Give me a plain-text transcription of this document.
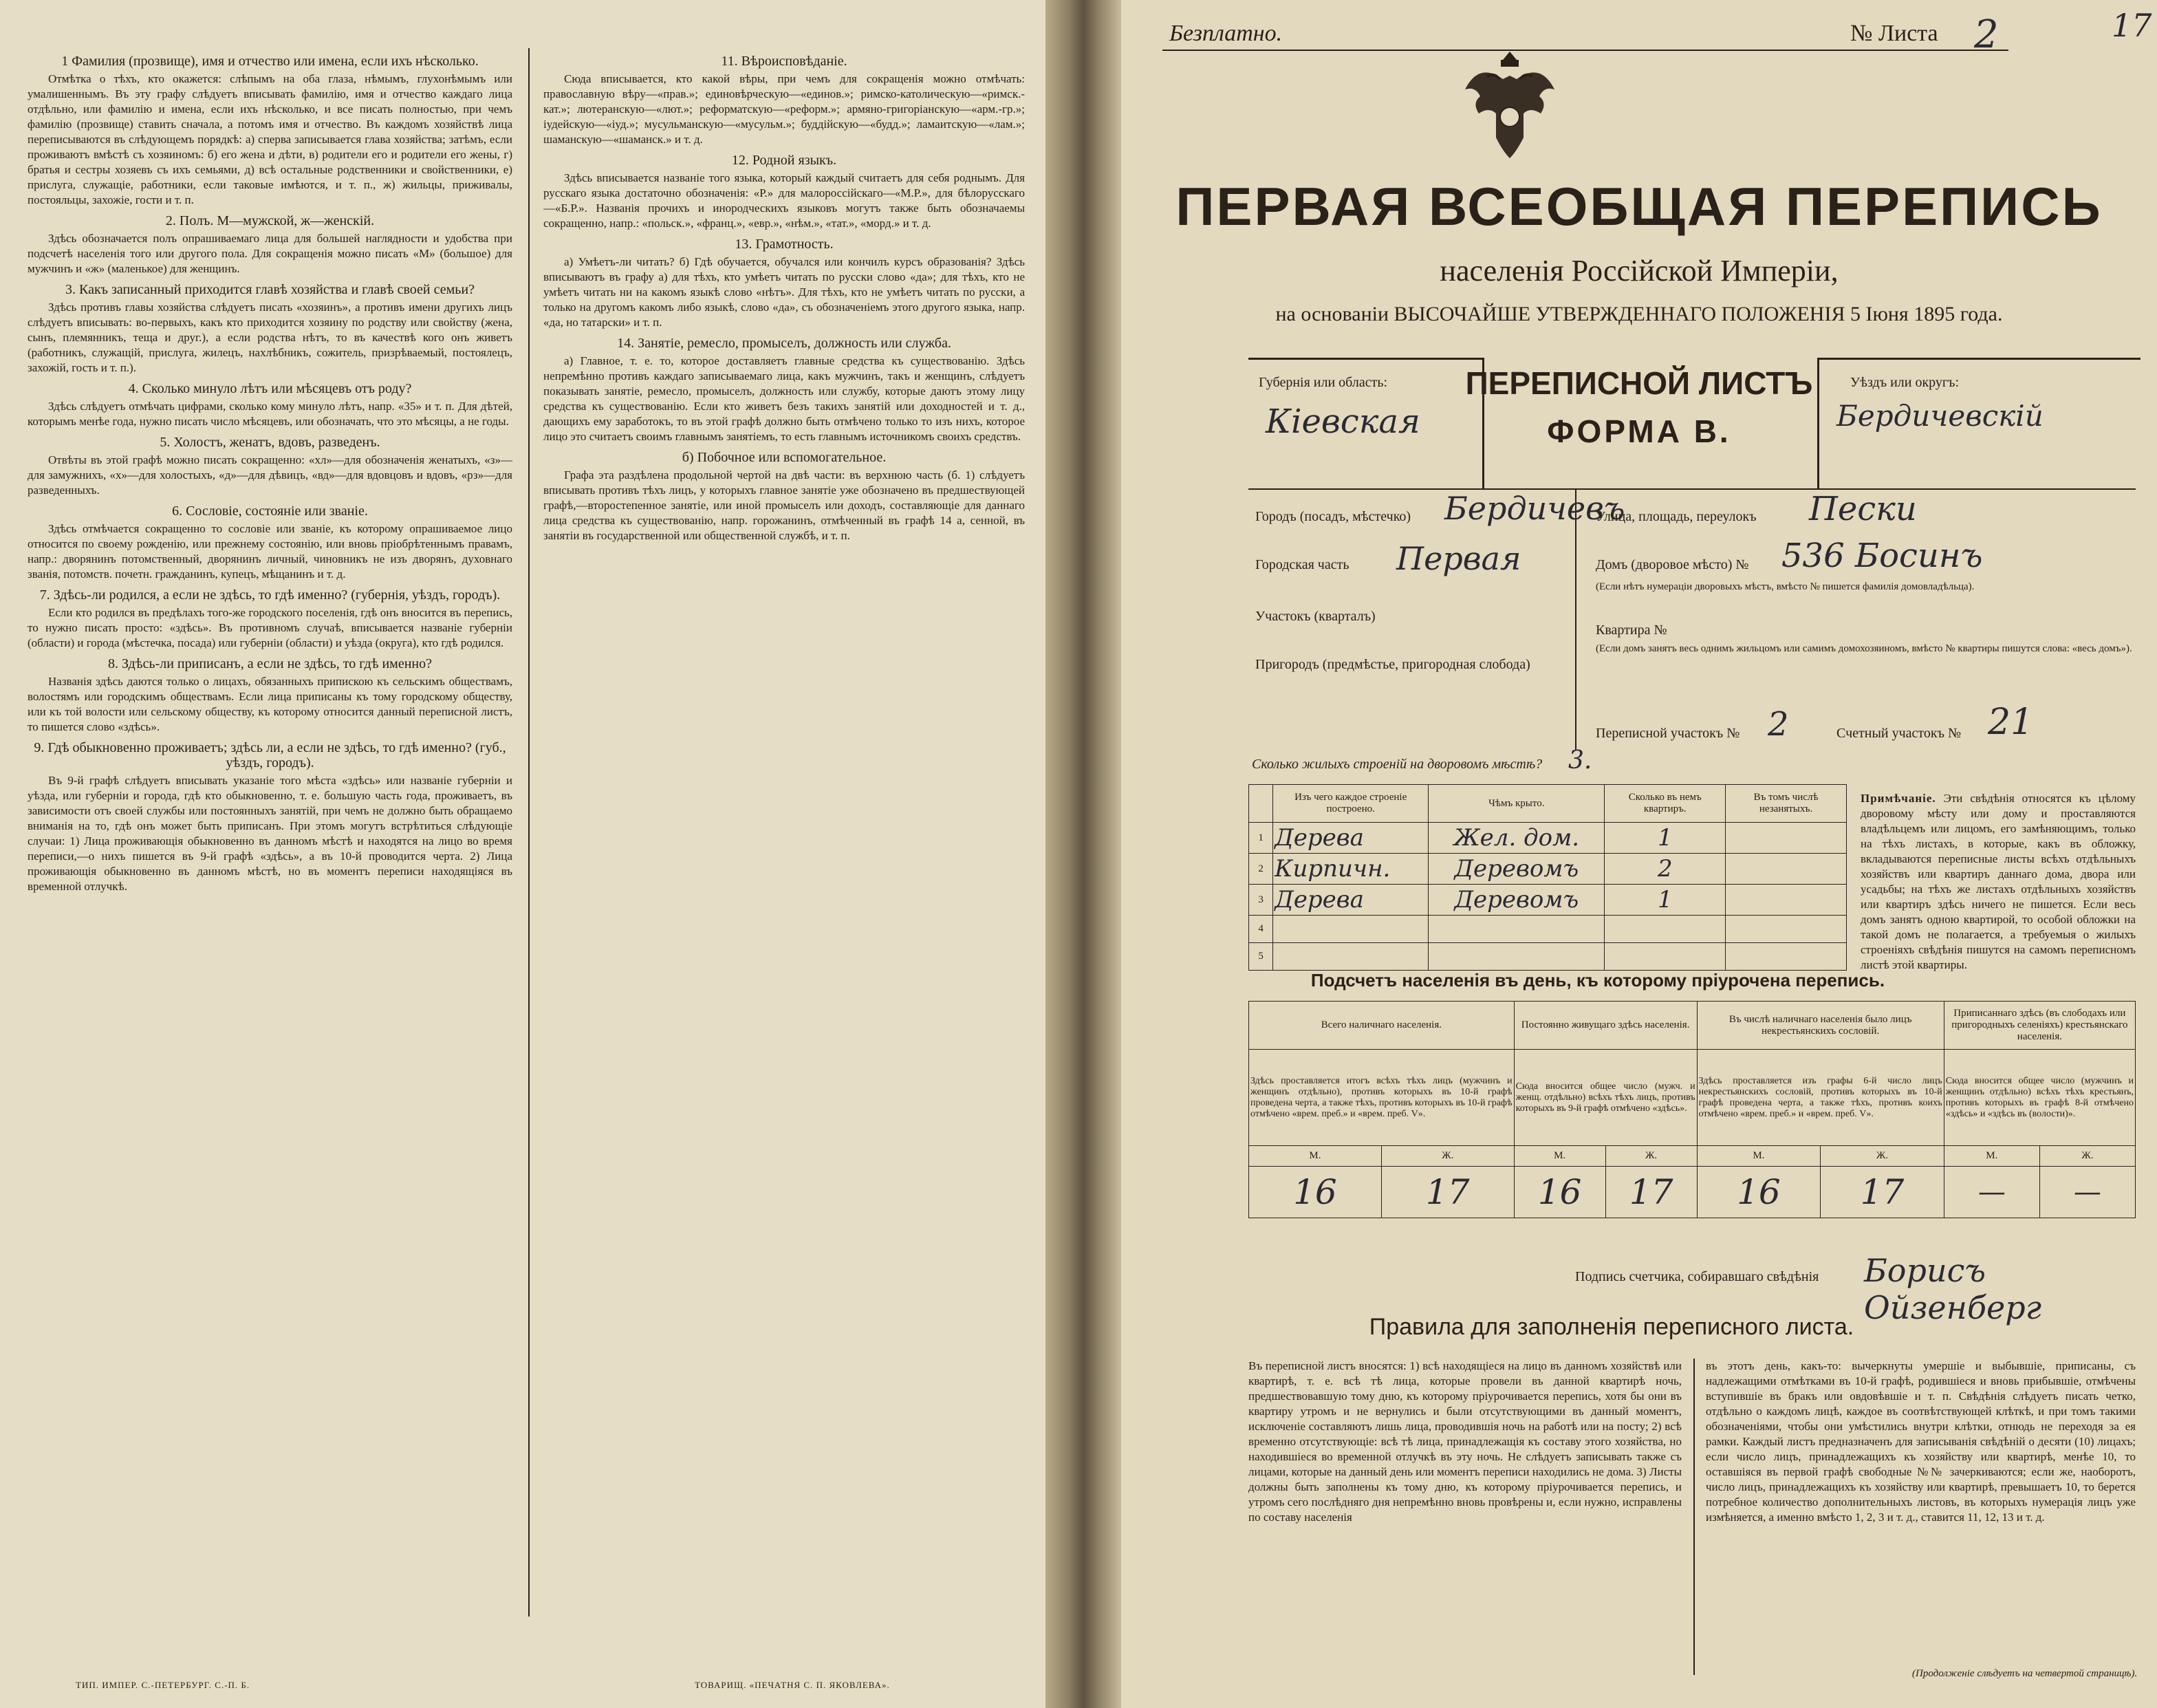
1 Фамилия (прозвище), имя и отчество или имена, если ихъ нѣсколько.

Отмѣтка о тѣхъ, кто окажется: слѣпымъ на оба глаза, нѣмымъ, глухонѣмымъ или умалишеннымъ. Въ эту графу слѣдуетъ вписывать фамилію, имя и отчество каждаго лица отдѣльно, или фамилію и имена, если ихъ нѣсколько, и все писать полностью, при чемъ фамилію (прозвище) ставить сначала, а потомъ имя и отчество. Въ каждомъ хозяйствѣ лица переписываются въ слѣдующемъ порядкѣ: а) сперва записывается глава хозяйства; затѣмъ, если проживаютъ вмѣстѣ съ хозяиномъ: б) его жена и дѣти, в) родители его и родители его жены, г) братья и сестры хозяевъ съ ихъ семьями, д) всѣ остальные родственники и свойственники, е) прислуга, служащіе, работники, если таковые имѣются, и т. п., ж) жильцы, приживалы, постояльцы, захожіе, гости и т. п.

2. Полъ. М—мужской, ж—женскій.

Здѣсь обозначается полъ опрашиваемаго лица для большей наглядности и удобства при подсчетѣ населенія того или другого пола. Для сокращенія можно писать «М» (большое) для мужчинъ и «ж» (маленькое) для женщинъ.

3. Какъ записанный приходится главѣ хозяйства и главѣ своей семьи?

Здѣсь противъ главы хозяйства слѣдуетъ писать «хозяинъ», а противъ имени другихъ лицъ слѣдуетъ вписывать: во-первыхъ, какъ кто приходится хозяину по родству или свойству (жена, сынъ, племянникъ, теща и друг.), а если родства нѣтъ, то въ качествѣ кого онъ живетъ (работникъ, служащій, прислуга, жилецъ, нахлѣбникъ, сожитель, призрѣваемый, постоялецъ, захожій, гость и т. п.).

4. Сколько минуло лѣтъ или мѣсяцевъ отъ роду?

Здѣсь слѣдуетъ отмѣчать цифрами, сколько кому минуло лѣтъ, напр. «35» и т. п. Для дѣтей, которымъ менѣе года, нужно писать число мѣсяцевъ, или обозначать, что это мѣсяцы, а не годы.

5. Холостъ, женатъ, вдовъ, разведенъ.

Отвѣты въ этой графѣ можно писать сокращенно: «хл»—для обозначенія женатыхъ, «з»—для замужнихъ, «х»—для холостыхъ, «д»—для дѣвицъ, «вд»—для вдовцовъ и вдовъ, «рз»—для разведенныхъ.

6. Сословіе, состояніе или званіе.

Здѣсь отмѣчается сокращенно то сословіе или званіе, къ которому опрашиваемое лицо относится по своему рожденію, или прежнему состоянію, или вновь пріобрѣтеннымъ правамъ, напр.: дворянинъ потомственный, дворянинъ личный, чиновникъ не изъ дворянъ, духовнаго званія, потомств. почетн. гражданинъ, купецъ, мѣщанинъ и т. д.

7. Здѣсь-ли родился, а если не здѣсь, то гдѣ именно? (губернія, уѣздъ, городъ).

Если кто родился въ предѣлахъ того-же городского поселенія, гдѣ онъ вносится въ перепись, то нужно писать просто: «здѣсь». Въ противномъ случаѣ, вписывается названіе губерніи (области) и города (мѣстечка, посада) или губерніи (области) и уѣзда (округа), кто гдѣ родился.

8. Здѣсь-ли приписанъ, а если не здѣсь, то гдѣ именно?

Названія здѣсь даются только о лицахъ, обязанныхъ припискою къ сельскимъ обществамъ, волостямъ или городскимъ обществамъ. Если лица приписаны къ тому городскому обществу, или къ той волости или сельскому обществу, къ которому относится данный переписной листъ, то пишется слово «здѣсь».

9. Гдѣ обыкновенно проживаетъ; здѣсь ли, а если не здѣсь, то гдѣ именно? (губ., уѣздъ, городъ).

Въ 9-й графѣ слѣдуетъ вписывать указаніе того мѣста «здѣсь» или названіе губерніи и уѣзда, или губерніи и города, гдѣ кто обыкновенно, т. е. большую часть года, проживаетъ, въ зависимости отъ своей службы или постоянныхъ занятій, при чемъ не должно быть обращаемо вниманія на то, гдѣ онъ может быть приписанъ. При этомъ могутъ встрѣтиться слѣдующіе случаи: 1) Лица проживающія обыкновенно въ данномъ мѣстѣ и находятся на лицо во время переписи,—о нихъ пишется въ 9-й графѣ «здѣсь», а въ 10-й проводится черта. 2) Лица проживающія обыкновенно въ данномъ мѣстѣ, но въ моментъ переписи находящіяся въ временной отлучкѣ.

ТИП. ИМПЕР. С.-ПЕТЕРБУРГ. С.-П. Б.
11. Вѣроисповѣданіе.

Сюда вписывается, кто какой вѣры, при чемъ для сокращенія можно отмѣчать: православную вѣру—«прав.»; единовѣрческую—«единов.»; римско-католическую—«римск.-кат.»; лютеранскую—«лют.»; реформатскую—«реформ.»; армяно-григоріанскую—«арм.-гр.»; іудейскую—«іуд.»; мусульманскую—«мусульм.»; буддійскую—«будд.»; ламаитскую—«лам.»; шаманскую—«шаманск.» и т. д.

12. Родной языкъ.

Здѣсь вписывается названіе того языка, который каждый считаетъ для себя роднымъ. Для русскаго языка достаточно обозначенія: «Р.» для малороссійскаго—«М.Р.», для бѣлорусскаго—«Б.Р.». Названія прочихъ и инородческихъ языковъ могутъ также быть обозначаемы сокращенно, напр.: «польск.», «франц.», «евр.», «нѣм.», «тат.», «морд.» и т. д.

13. Грамотность.

а) Умѣетъ-ли читать? б) Гдѣ обучается, обучался или кончилъ курсъ образованія? Здѣсь вписываютъ въ графу а) для тѣхъ, кто умѣетъ читать по русски слово «да»; для тѣхъ, кто не умѣетъ читать ни на какомъ языкѣ слово «нѣтъ». Для тѣхъ, кто не умѣетъ читать по русски, а только на другомъ какомъ либо языкѣ, слово «да», съ обозначеніемъ этого другого языка, напр. «да, но татарски» и т. п.

14. Занятіе, ремесло, промыселъ, должность или служба.

а) Главное, т. е. то, которое доставляетъ главные средства къ существованію. Здѣсь непремѣнно противъ каждаго записываемаго лица, какъ мужчинъ, такъ и женщинъ, слѣдуетъ показывать занятіе, ремесло, промыселъ, должность или службу, которые даютъ этому лицу средства къ существованію. Если кто живетъ безъ такихъ занятій или доходностей и т. д., дающихъ ему заработокъ, то въ этой графѣ должно быть отмѣчено только то изъ нихъ, которое лицо это считаетъ своимъ главнымъ занятіемъ, то есть главнымъ источникомъ своихъ средствъ.

б) Побочное или вспомогательное.

Графа эта раздѣлена продольной чертой на двѣ части: въ верхнюю часть (б. 1) слѣдуетъ вписывать противъ тѣхъ лицъ, у которыхъ главное занятіе уже обозначено въ предшествующей графѣ,—второстепенное занятіе, или иной промыселъ или доходъ, составляющіе для даннаго лица средства къ существованію, напр. горожанинъ, отмѣченный въ графѣ 14 а, сенной, въ занятіи въ государственной или общественной службѣ, и т. п.

ТОВАРИЩ. «ПЕЧАТНЯ С. П. ЯКОВЛЕВА».
Безплатно.	№ Листа 2	17
ПЕРВАЯ ВСЕОБЩАЯ ПЕРЕПИСЬ
населенія Россійской Имперіи,
на основаніи ВЫСОЧАЙШЕ УТВЕРЖДЕННАГО ПОЛОЖЕНІЯ 5 Іюня 1895 года.
Губернія или область:
Кіевская
ПЕРЕПИСНОЙ ЛИСТЪ
ФОРМА В.
Уѣздъ или округъ:
Бердичевскій
Городъ (посадъ, мѣстечко) Бердичевъ
Городская часть Первая
Участокъ (кварталъ)
Пригородъ (предмѣстье, пригородная слобода)
Улица, площадь, переулокъ Пески
Домъ (дворовое мѣсто) № 536 Босинъ
(Если нѣтъ нумераціи дворовыхъ мѣстъ, вмѣсто № пишется фамилія домовладѣльца).
Квартира №
(Если домъ занятъ весь однимъ жильцомъ или самимъ домохозяиномъ, вмѣсто № квартиры пишутся слова: «весь домъ»).
Переписной участокъ № 2	Счетный участокъ № 21
Сколько жилыхъ строеній на дворовомъ мѣстѣ? 3.
	Изъ чего каждое строеніе построено.	Чѣмъ крыто.	Сколько въ немъ квартиръ.	Въ томъ числѣ незанятыхъ.
1	Дерева	Жел. дом.	1	
2	Кирпичн.	Деревомъ	2	
3	Дерева	Деревомъ	1	
4				
5				
Примѣчаніе. Эти свѣдѣнія относятся къ цѣлому дворовому мѣсту или дому и проставляются владѣльцемъ или лицомъ, его замѣняющимъ, только на тѣхъ листахъ, в которые, какъ въ обложку, вкладываются переписные листы всѣхъ отдѣльныхъ хозяйствъ или квартиръ даннаго дома, двора или усадьбы; на тѣхъ же листахъ отдѣльныхъ хозяйствъ или квартиръ здѣсь ничего не пишется. Если весь домъ занятъ одною квартирой, то особой обложки на такой домъ не полагается, а требуемыя о жилыхъ строеніяхъ свѣдѣнія пишутся на самомъ переписномъ листѣ этой квартиры.
Подсчетъ населенія въ день, къ которому пріурочена перепись.
Всего наличнаго населенія.		Постоянно живущаго здѣсь населенія.		Въ числѣ наличнаго населенія было лицъ некрестьянскихъ сословій.		Приписаннаго здѣсь (въ слободахъ или пригородныхъ селеніяхъ) крестьянскаго населенія.	
Здѣсь проставляется итогъ всѣхъ тѣхъ лицъ (мужчинъ и женщинъ отдѣльно), противъ которыхъ въ 10-й графѣ проведена черта, а также тѣхъ, противъ которыхъ въ 10-й графѣ отмѣчено «врем. преб.» и «врем. преб. V».		Сюда вносится общее число (мужч. и женщ. отдѣльно) всѣхъ тѣхъ лицъ, противъ которыхъ въ 9-й графѣ отмѣчено «здѣсь».		Здѣсь проставляется изъ графы 6-й число лицъ некрестьянскихъ сословій, противъ которыхъ въ 10-й графѣ проведена черта, а также тѣхъ, противъ коихъ отмѣчено «врем. преб.» и «врем. преб. V».		Сюда вносится общее число (мужчинъ и женщинъ отдѣльно) всѣхъ тѣхъ крестьянъ, противъ которыхъ въ графѣ 8-й отмѣчено «здѣсь» и «здѣсь въ (волости)».	
М.	Ж.	М.	Ж.	М.	Ж.	М.	Ж.
16	17	16	17	16	17	—	—
Подпись счетчика, собиравшаго свѣдѣнія Борисъ Ойзенберг
Правила для заполненія переписного листа.
Въ переписной листъ вносятся: 1) всѣ находящіеся на лицо въ данномъ хозяйствѣ или квартирѣ, т. е. всѣ тѣ лица, которые провели въ данной квартирѣ ночь, предшествовавшую тому дню, къ которому пріурочивается перепись, хотя бы они въ квартиру утромъ и не вернулись и были отсутствующими въ данный моментъ, исключеніе составляютъ лишь лица, проводившія ночь на работѣ или на посту; 2) всѣ временно отсутствующіе: всѣ тѣ лица, принадлежащія къ составу этого хозяйства, но находившіеся во временной отлучкѣ въ эту ночь. Не слѣдуетъ записывать также съ лицами, которые на данный день или моментъ переписи находились не дома. 3) Листы должны быть заполнены къ тому дню, къ которому пріурочивается перепись, и утромъ сего послѣдняго дня непремѣнно вновь провѣрены и, если нужно, исправлены по составу населенія
въ этотъ день, какъ-то: вычеркнуты умершіе и выбывшіе, приписаны, съ надлежащими отмѣтками въ 10-й графѣ, родившіеся и вновь прибывшіе, отмѣчены вступившіе въ бракъ или овдовѣвшіе и т. п. Свѣдѣнія слѣдуетъ писать четко, отдѣльно о каждомъ лицѣ, каждое въ соотвѣтствующей клѣткѣ, и при томъ такими обозначеніями, чтобы они умѣстились внутри клѣтки, отнюдь не переходя за ея рамки. Каждый листъ предназначенъ для записыванія свѣдѣній о десяти (10) лицахъ; если число лицъ, принадлежащихъ къ хозяйству или квартирѣ, менѣе 10, то оставшіяся въ первой графѣ свободные №№ зачеркиваются; если же, наоборотъ, число лицъ, принадлежащихъ къ хозяйству или квартирѣ, превышаетъ 10, то берется потребное количество дополнительныхъ листовъ, въ которыхъ нумерація лицъ уже измѣняется, а именно вмѣсто 1, 2, 3 и т. д., ставится 11, 12, 13 и т. д.
(Продолженіе слѣдуетъ на четвертой страницѣ).
